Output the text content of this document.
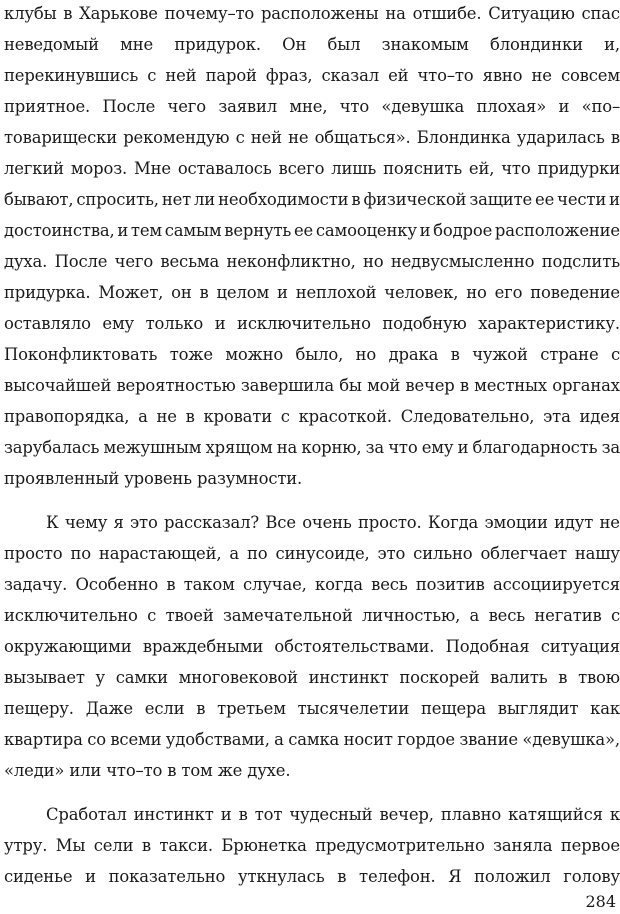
клубы в Харькове почему–то расположены на отшибе. Ситуацию спас
неведомый мне придурок. Он был знакомым блондинки и,
перекинувшись с ней парой фраз, сказал ей что–то явно не совсем
приятное. После чего заявил мне, что «девушка плохая» и «по–
товарищески рекомендую с ней не общаться». Блондинка ударилась в
легкий мороз. Мне оставалось всего лишь пояснить ей, что придурки
бывают, спросить, нет ли необходимости в физической защите ее чести и
достоинства, и тем самым вернуть ее самооценку и бодрое расположение
духа. После чего весьма неконфликтно, но недвусмысленно подслить
придурка. Может, он в целом и неплохой человек, но его поведение
оставляло ему только и исключительно подобную характеристику.
Поконфликтовать тоже можно было, но драка в чужой стране с
высочайшей вероятностью завершила бы мой вечер в местных органах
правопорядка, а не в кровати с красоткой. Следовательно, эта идея
зарубалась межушным хрящом на корню, за что ему и благодарность за
проявленный уровень разумности.
К чему я это рассказал? Все очень просто. Когда эмоции идут не
просто по нарастающей, а по синусоиде, это сильно облегчает нашу
задачу. Особенно в таком случае, когда весь позитив ассоциируется
исключительно с твоей замечательной личностью, а весь негатив с
окружающими враждебными обстоятельствами. Подобная ситуация
вызывает у самки многовековой инстинкт поскорей валить в твою
пещеру. Даже если в третьем тысячелетии пещера выглядит как
квартира со всеми удобствами, а самка носит гордое звание «девушка»,
«леди» или что–то в том же духе.
Сработал инстинкт и в тот чудесный вечер, плавно катящийся к
утру. Мы сели в такси. Брюнетка предусмотрительно заняла первое
сиденье и показательно уткнулась в телефон. Я положил голову
284
